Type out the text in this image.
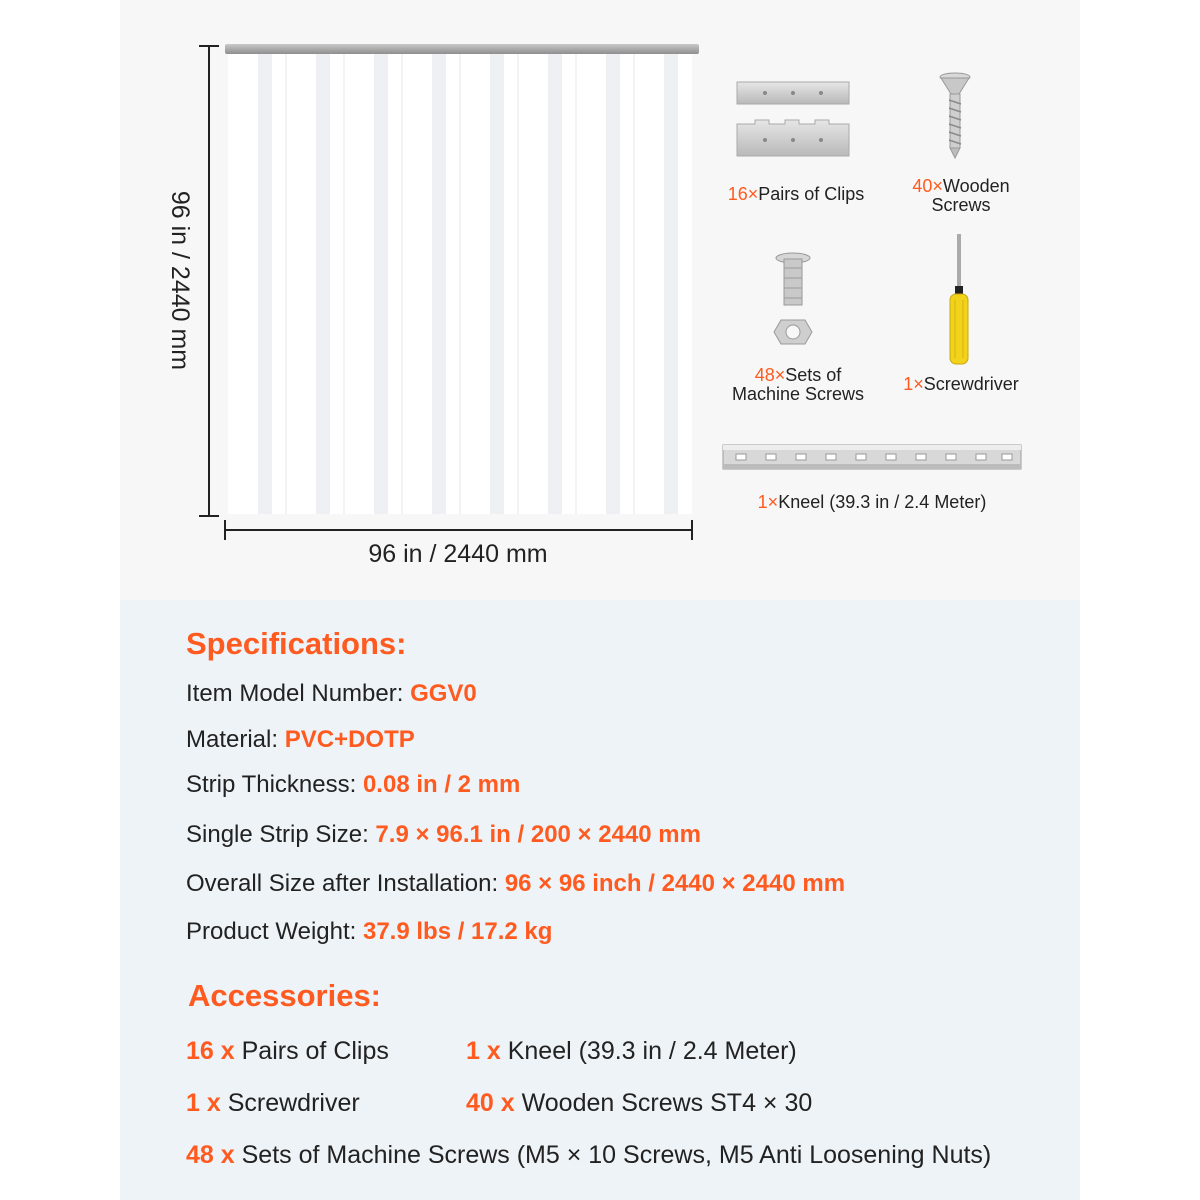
96 in / 2440 mm
96 in / 2440 mm
16×Pairs of Clips	40×Wooden
Screws
48×Sets of
Machine Screws	1×Screwdriver
1×Kneel (39.3 in / 2.4 Meter)
Specifications:
Item Model Number: GGV0
Material: PVC+DOTP
Strip Thickness: 0.08 in / 2 mm
Single Strip Size: 7.9 × 96.1 in / 200 × 2440 mm
Overall Size after Installation: 96 × 96 inch / 2440 × 2440 mm
Product Weight: 37.9 lbs / 17.2 kg
Accessories:
16 x Pairs of Clips	1 x Kneel (39.3 in / 2.4 Meter)
1 x Screwdriver	40 x Wooden Screws ST4 × 30
48 x Sets of Machine Screws (M5 × 10 Screws, M5 Anti Loosening Nuts)
